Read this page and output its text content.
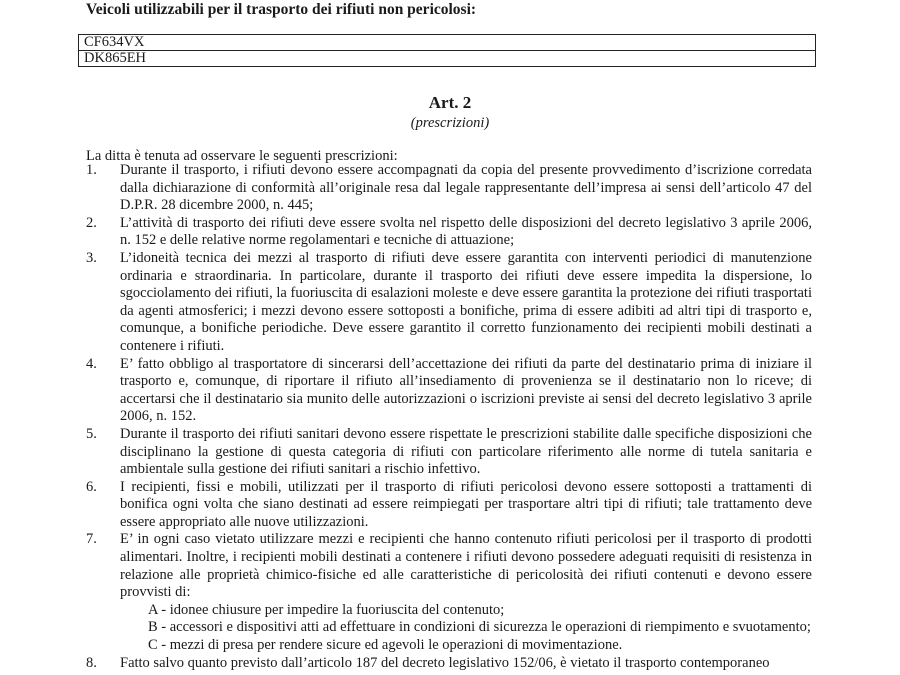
Veicoli utilizzabili per il trasporto dei rifiuti non pericolosi:
CF634VX
DK865EH
Art. 2
(prescrizioni)
La ditta è tenuta ad osservare le seguenti prescrizioni:
1. Durante il trasporto, i rifiuti devono essere accompagnati da copia del presente provvedimento d’iscrizione corredata dalla dichiarazione di conformità all’originale resa dal legale rappresentante dell’impresa ai sensi dell’articolo 47 del D.P.R. 28 dicembre 2000, n. 445;
2. L’attività di trasporto dei rifiuti deve essere svolta nel rispetto delle disposizioni del decreto legislativo 3 aprile 2006, n. 152 e delle relative norme regolamentari e tecniche di attuazione;
3. L’idoneità tecnica dei mezzi al trasporto di rifiuti deve essere garantita con interventi periodici di manutenzione ordinaria e straordinaria. In particolare, durante il trasporto dei rifiuti deve essere impedita la dispersione, lo sgocciolamento dei rifiuti, la fuoriuscita di esalazioni moleste e deve essere garantita la protezione dei rifiuti trasportati da agenti atmosferici; i mezzi devono essere sottoposti a bonifiche, prima di essere adibiti ad altri tipi di trasporto e, comunque, a bonifiche periodiche. Deve essere garantito il corretto funzionamento dei recipienti mobili destinati a contenere i rifiuti.
4. E’ fatto obbligo al trasportatore di sincerarsi dell’accettazione dei rifiuti da parte del destinatario prima di iniziare il trasporto e, comunque, di riportare il rifiuto all’insediamento di provenienza se il destinatario non lo riceve; di accertarsi che il destinatario sia munito delle autorizzazioni o iscrizioni previste ai sensi del decreto legislativo 3 aprile 2006, n. 152.
5. Durante il trasporto dei rifiuti sanitari devono essere rispettate le prescrizioni stabilite dalle specifiche disposizioni che disciplinano la gestione di questa categoria di rifiuti con particolare riferimento alle norme di tutela sanitaria e ambientale sulla gestione dei rifiuti sanitari a rischio infettivo.
6. I recipienti, fissi e mobili, utilizzati per il trasporto di rifiuti pericolosi devono essere sottoposti a trattamenti di bonifica ogni volta che siano destinati ad essere reimpiegati per trasportare altri tipi di rifiuti; tale trattamento deve essere appropriato alle nuove utilizzazioni.
7. E’ in ogni caso vietato utilizzare mezzi e recipienti che hanno contenuto rifiuti pericolosi per il trasporto di prodotti alimentari. Inoltre, i recipienti mobili destinati a contenere i rifiuti devono possedere adeguati requisiti di resistenza in relazione alle proprietà chimico-fisiche ed alle caratteristiche di pericolosità dei rifiuti contenuti e devono essere provvisti di:
A - idonee chiusure per impedire la fuoriuscita del contenuto;
B - accessori e dispositivi atti ad effettuare in condizioni di sicurezza le operazioni di riempimento e svuotamento;
C - mezzi di presa per rendere sicure ed agevoli le operazioni di movimentazione.
8. Fatto salvo quanto previsto dall’articolo 187 del decreto legislativo 152/06, è vietato il trasporto contemporaneo
